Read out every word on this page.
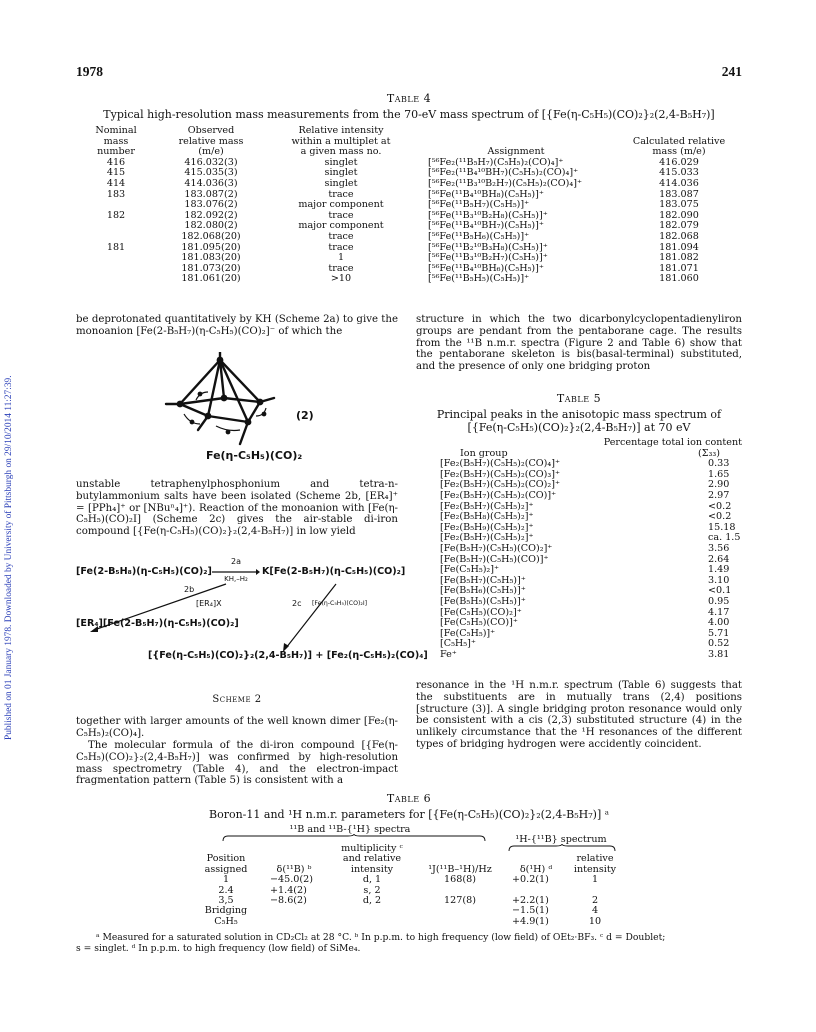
Published on 01 January 1978. Downloaded by University of Pittsburgh on 29/10/2014 11:27:39.
1978	241
Table 4
Typical high-resolution mass measurements from the 70-eV mass spectrum of [{Fe(η-C₅H₅)(CO)₂}₂(2,4-B₅H₇)]
Nominal mass number	Observed relative mass (m/e)	Relative intensity within a multiplet at a given mass no.	Assignment	Calculated relative mass (m/e)
416	416.032(3)	singlet	[⁵⁶Fe₂(¹¹B₅H₇)(C₅H₅)₂(CO)₄]⁺	416.029
415	415.035(3)	singlet	[⁵⁶Fe₂(¹¹B₄¹⁰BH₇)(C₅H₅)₂(CO)₄]⁺	415.033
414	414.036(3)	singlet	[⁵⁶Fe₂(¹¹B₃¹⁰B₂H₇)(C₅H₅)₂(CO)₄]⁺	414.036
183	183.087(2)	trace	[⁵⁶Fe(¹¹B₄¹⁰BH₈)(C₅H₅)]⁺	183.087
	183.076(2)	major component	[⁵⁶Fe(¹¹B₅H₇)(C₅H₅)]⁺	183.075
182	182.092(2)	trace	[⁵⁶Fe(¹¹B₃¹⁰B₂H₈)(C₅H₅)]⁺	182.090
	182.080(2)	major component	[⁵⁶Fe(¹¹B₄¹⁰BH₇)(C₅H₅)]⁺	182.079
	182.068(20)	trace	[⁵⁶Fe(¹¹B₅H₆)(C₅H₅)]⁺	182.068
181	181.095(20)	trace	[⁵⁶Fe(¹¹B₂¹⁰B₃H₈)(C₅H₅)]⁺	181.094
	181.083(20)	1	[⁵⁶Fe(¹¹B₃¹⁰B₂H₇)(C₅H₅)]⁺	181.082
	181.073(20)	trace	[⁵⁶Fe(¹¹B₄¹⁰BH₆)(C₅H₅)]⁺	181.071
	181.061(20)	>10	[⁵⁶Fe(¹¹B₅H₅)(C₅H₅)]⁺	181.060
be deprotonated quantitatively by KH (Scheme 2a) to give the monoanion [Fe(2-B₅H₇)(η-C₅H₅)(CO)₂]⁻ of which the
(2)
Fe(η-C₅H₅)(CO)₂
unstable tetraphenylphosphonium and tetra-n-butylammonium salts have been isolated (Scheme 2b, [ER₄]⁺ = [PPh₄]⁺ or [NBuⁿ₄]⁺). Reaction of the monoanion with [Fe(η-C₅H₅)(CO)₂I] (Scheme 2c) gives the air-stable di-iron compound [{Fe(η-C₅H₅)(CO)₂}₂(2,4-B₅H₇)] in low yield
[Fe(2-B₅H₈)(η-C₅H₅)(CO)₂]
2a
KH,–H₂
K[Fe(2-B₅H₇)(η-C₅H₅)(CO)₂]
2b
[ER₄]X	2c [Fe(η-C₅H₅)(CO)₂I]
[ER₄][Fe(2-B₅H₇)(η-C₅H₅)(CO)₂]
[{Fe(η-C₅H₅)(CO)₂}₂(2,4-B₅H₇)] + [Fe₂(η-C₅H₅)₂(CO)₄]
Scheme 2
together with larger amounts of the well known dimer [Fe₂(η-C₅H₅)₂(CO)₄].
The molecular formula of the di-iron compound [{Fe(η-C₅H₅)(CO)₂}₂(2,4-B₅H₇)] was confirmed by high-resolution mass spectrometry (Table 4), and the electron-impact fragmentation pattern (Table 5) is consistent with a
structure in which the two dicarbonylcyclopentadienyliron groups are pendant from the pentaborane cage. The results from the ¹¹B n.m.r. spectra (Figure 2 and Table 6) show that the pentaborane skeleton is bis(basal-terminal) substituted, and the presence of only one bridging proton
Table 5
Principal peaks in the anisotopic mass spectrum of
[{Fe(η-C₅H₅)(CO)₂}₂(2,4-B₅H₇)] at 70 eV
	Percentage total ion content
Ion group	(Σ₃₃)
[Fe₂(B₅H₇)(C₅H₅)₂(CO)₄]⁺	0.33
[Fe₂(B₅H₇)(C₅H₅)₂(CO)₃]⁺	1.65
[Fe₂(B₅H₇)(C₅H₅)₂(CO)₂]⁺	2.90
[Fe₂(B₅H₇)(C₅H₅)₂(CO)]⁺	2.97
[Fe₂(B₅H₇)(C₅H₅)₂]⁺	<0.2
[Fe₂(B₅H₈)(C₅H₅)₂]⁺	<0.2
[Fe₂(B₅H₉)(C₅H₅)₂]⁺	15.18
[Fe₂(B₅H₇)(C₅H₅)₂]⁺	ca. 1.5
[Fe(B₅H₇)(C₅H₅)(CO)₂]⁺	3.56
[Fe(B₅H₇)(C₅H₅)(CO)]⁺	2.64
[Fe(C₅H₅)₂]⁺	1.49
[Fe(B₅H₇)(C₅H₅)]⁺	3.10
[Fe(B₅H₆)(C₅H₅)]⁺	<0.1
[Fe(B₅H₅)(C₅H₅)]⁺	0.95
[Fe(C₅H₅)(CO)₂]⁺	4.17
[Fe(C₅H₅)(CO)]⁺	4.00
[Fe(C₅H₅)]⁺	5.71
[C₅H₅]⁺	0.52
Fe⁺	3.81
resonance in the ¹H n.m.r. spectrum (Table 6) suggests that the substituents are in mutually trans (2,4) positions [structure (3)]. A single bridging proton resonance would only be consistent with a cis (2,3) substituted structure (4) in the unlikely circumstance that the ¹H resonances of the different types of bridging hydrogen were accidently coincident.
Table 6
Boron-11 and ¹H n.m.r. parameters for [{Fe(η-C₅H₅)(CO)₂}₂(2,4-B₅H₇)] ᵃ
¹¹B and ¹¹B-{¹H} spectra
¹H-{¹¹B} spectrum
Position assigned	δ(¹¹B) ᵇ	multiplicity ᶜ and relative intensity	¹J(¹¹B–¹H)/Hz	δ(¹H) ᵈ	relative intensity
1	−45.0(2)	d, 1	168(8)	+0.2(1)	1
2.4	+1.4(2)	s, 2			
3,5	−8.6(2)	d, 2	127(8)	+2.2(1)	2
Bridging				−1.5(1)	4
C₅H₅				+4.9(1)	10
ᵃ Measured for a saturated solution in CD₂Cl₂ at 28 °C. ᵇ In p.p.m. to high frequency (low field) of OEt₂·BF₃. ᶜ d = Doublet;
s = singlet. ᵈ In p.p.m. to high frequency (low field) of SiMe₄.
